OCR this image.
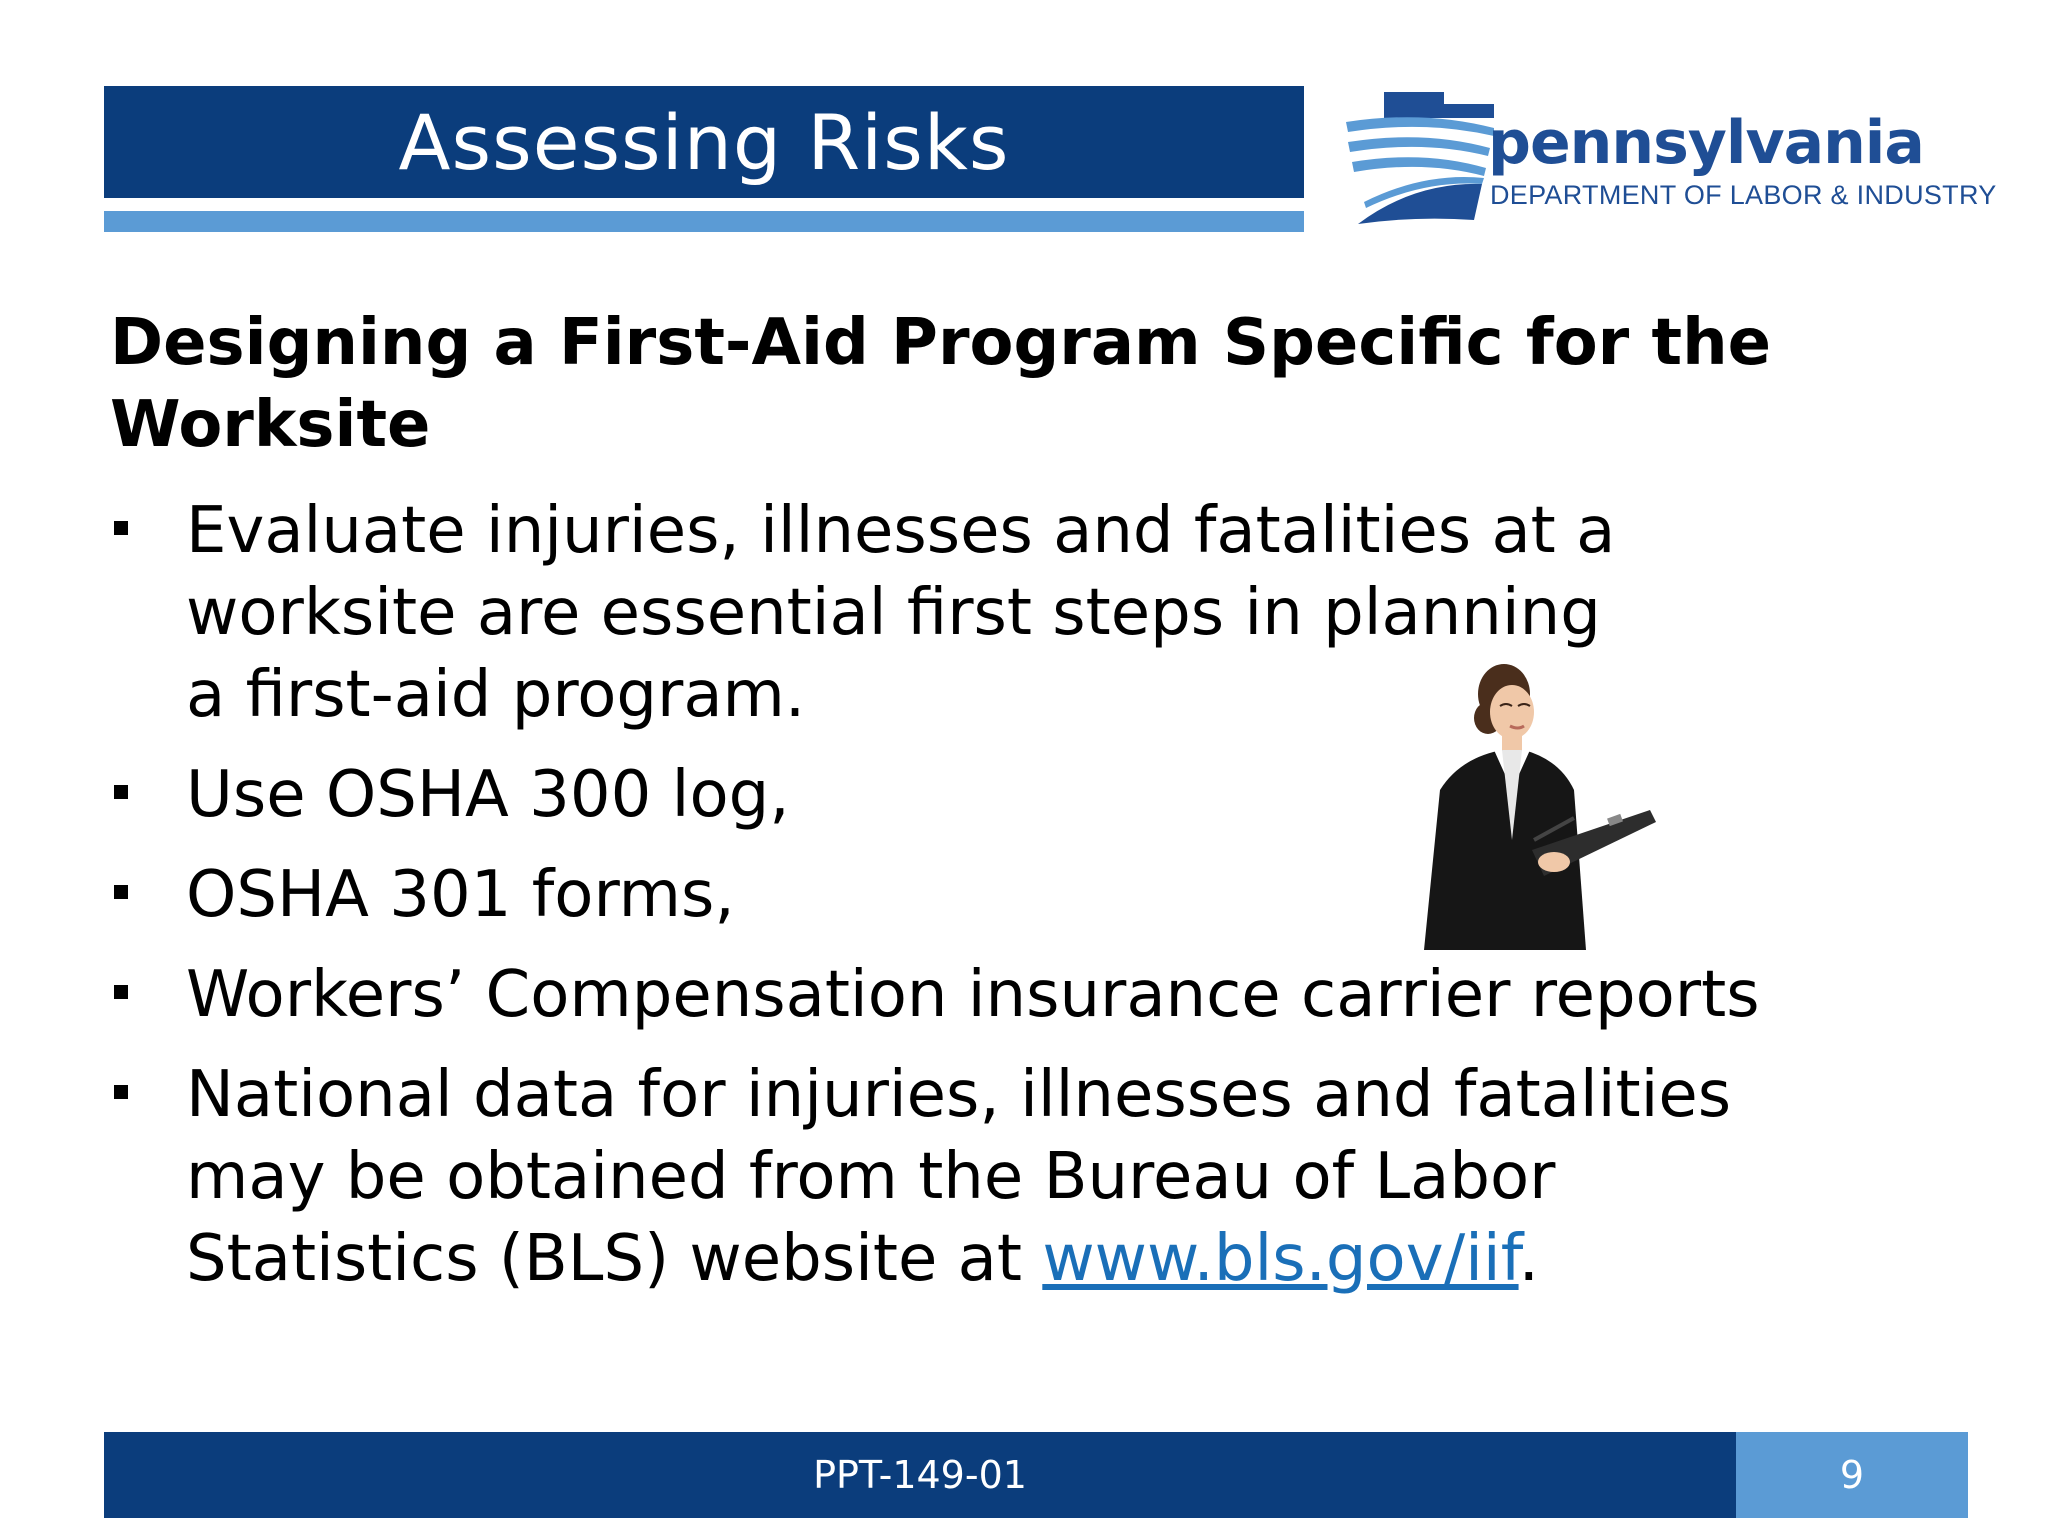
Assessing Risks	pennsylvania
DEPARTMENT OF LABOR & INDUSTRY
Designing a First-Aid Program Specific for the
Worksite
Evaluate injuries, illnesses and fatalities at a
worksite are essential first steps in planning
a first-aid program.
Use OSHA 300 log,
OSHA 301 forms,
Workers’ Compensation insurance carrier reports
National data for injuries, illnesses and fatalities
may be obtained from the Bureau of Labor
Statistics (BLS) website at www.bls.gov/iif.
PPT-149-01	9
